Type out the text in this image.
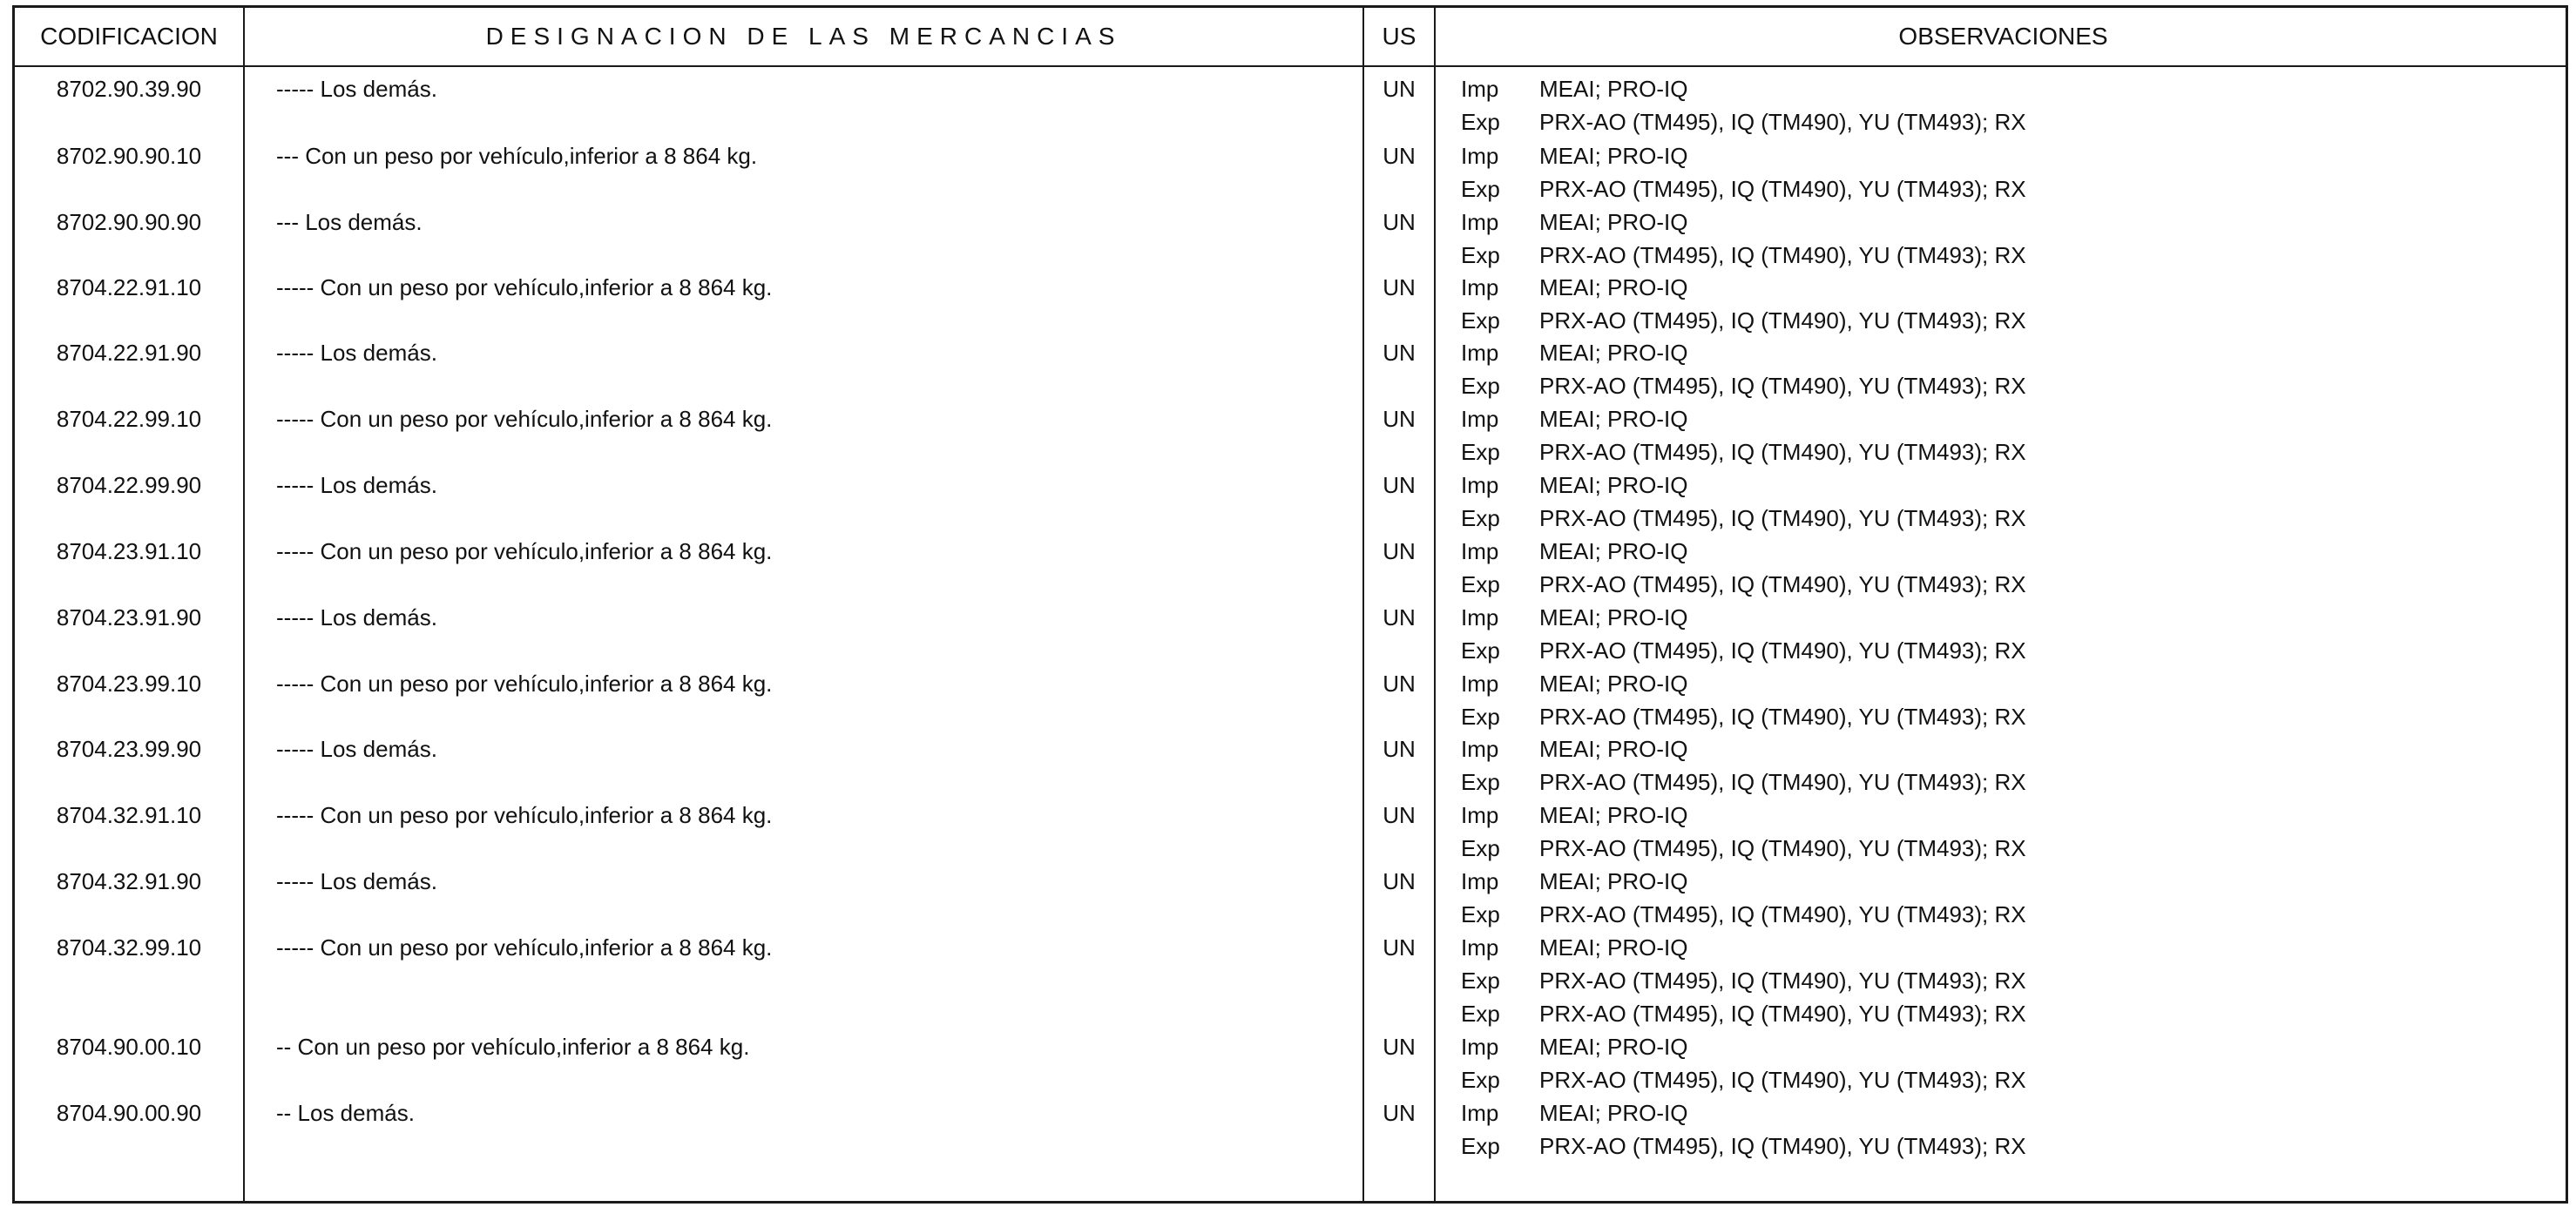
CODIFICACION	DESIGNACION DE LAS MERCANCIAS	US	OBSERVACIONES
8702.90.39.90	----- Los demás.	UN	Imp	MEAI; PRO-IQ
Exp	PRX-AO (TM495), IQ (TM490), YU (TM493); RX
8702.90.90.10	--- Con un peso por vehículo,inferior a 8 864 kg.	UN	Imp	MEAI; PRO-IQ
Exp	PRX-AO (TM495), IQ (TM490), YU (TM493); RX
8702.90.90.90	--- Los demás.	UN	Imp	MEAI; PRO-IQ
Exp	PRX-AO (TM495), IQ (TM490), YU (TM493); RX
8704.22.91.10	----- Con un peso por vehículo,inferior a 8 864 kg.	UN	Imp	MEAI; PRO-IQ
Exp	PRX-AO (TM495), IQ (TM490), YU (TM493); RX
8704.22.91.90	----- Los demás.	UN	Imp	MEAI; PRO-IQ
Exp	PRX-AO (TM495), IQ (TM490), YU (TM493); RX
8704.22.99.10	----- Con un peso por vehículo,inferior a 8 864 kg.	UN	Imp	MEAI; PRO-IQ
Exp	PRX-AO (TM495), IQ (TM490), YU (TM493); RX
8704.22.99.90	----- Los demás.	UN	Imp	MEAI; PRO-IQ
Exp	PRX-AO (TM495), IQ (TM490), YU (TM493); RX
8704.23.91.10	----- Con un peso por vehículo,inferior a 8 864 kg.	UN	Imp	MEAI; PRO-IQ
Exp	PRX-AO (TM495), IQ (TM490), YU (TM493); RX
8704.23.91.90	----- Los demás.	UN	Imp	MEAI; PRO-IQ
Exp	PRX-AO (TM495), IQ (TM490), YU (TM493); RX
8704.23.99.10	----- Con un peso por vehículo,inferior a 8 864 kg.	UN	Imp	MEAI; PRO-IQ
Exp	PRX-AO (TM495), IQ (TM490), YU (TM493); RX
8704.23.99.90	----- Los demás.	UN	Imp	MEAI; PRO-IQ
Exp	PRX-AO (TM495), IQ (TM490), YU (TM493); RX
8704.32.91.10	----- Con un peso por vehículo,inferior a 8 864 kg.	UN	Imp	MEAI; PRO-IQ
Exp	PRX-AO (TM495), IQ (TM490), YU (TM493); RX
8704.32.91.90	----- Los demás.	UN	Imp	MEAI; PRO-IQ
Exp	PRX-AO (TM495), IQ (TM490), YU (TM493); RX
8704.32.99.10	----- Con un peso por vehículo,inferior a 8 864 kg.	UN	Imp	MEAI; PRO-IQ
Exp	PRX-AO (TM495), IQ (TM490), YU (TM493); RX
Exp	PRX-AO (TM495), IQ (TM490), YU (TM493); RX
8704.90.00.10	-- Con un peso por vehículo,inferior a 8 864 kg.	UN	Imp	MEAI; PRO-IQ
Exp	PRX-AO (TM495), IQ (TM490), YU (TM493); RX
8704.90.00.90	-- Los demás.	UN	Imp	MEAI; PRO-IQ
Exp	PRX-AO (TM495), IQ (TM490), YU (TM493); RX
